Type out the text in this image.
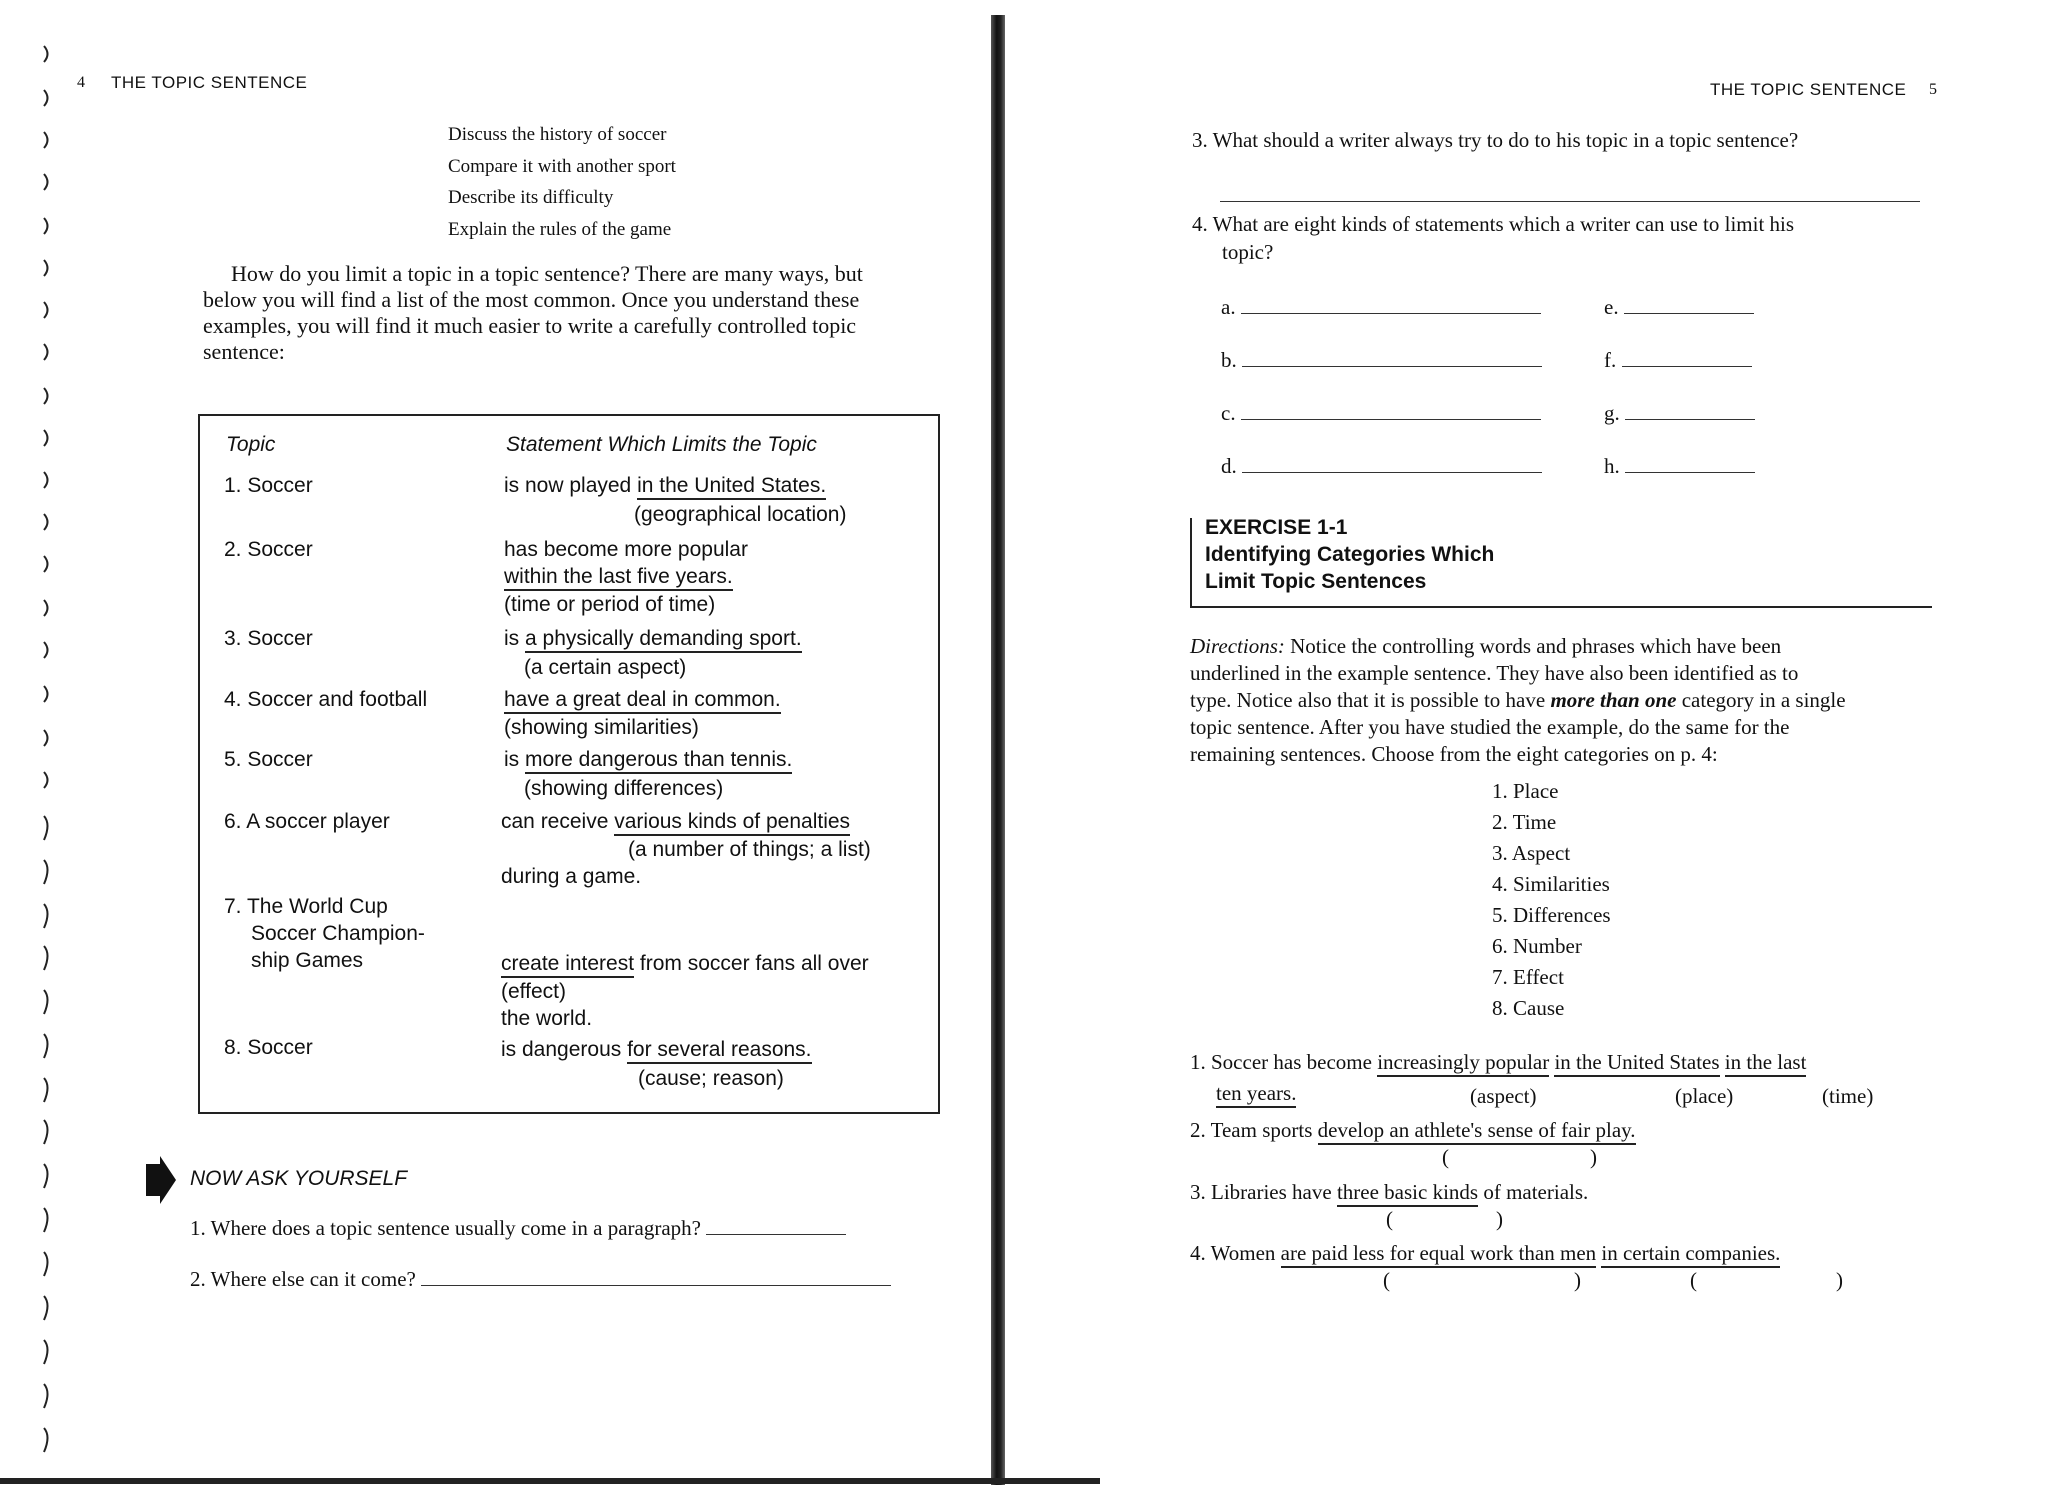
4 THE TOPIC SENTENCE
Discuss the history of soccer
Compare it with another sport
Describe its difficulty
Explain the rules of the game
How do you limit a topic in a topic sentence? There are many ways, but
below you will find a list of the most common. Once you understand these
examples, you will find it much easier to write a carefully controlled topic
sentence:
Topic	Statement Which Limits the Topic
1. Soccer	is now played in the United States.
(geographical location)
2. Soccer	has become more popular
within the last five years.
(time or period of time)
3. Soccer	is a physically demanding sport.
(a certain aspect)
4. Soccer and football	have a great deal in common.
(showing similarities)
5. Soccer	is more dangerous than tennis.
(showing differences)
6. A soccer player	can receive various kinds of penalties
(a number of things; a list)
during a game.
7. The World Cup
Soccer Champion-
ship Games	create interest from soccer fans all over
(effect)
the world.
8. Soccer	is dangerous for several reasons.
(cause; reason)
NOW ASK YOURSELF
1. Where does a topic sentence usually come in a paragraph?
2. Where else can it come?
THE TOPIC SENTENCE 5
3. What should a writer always try to do to his topic in a topic sentence?
4. What are eight kinds of statements which a writer can use to limit his
topic?
a.
b.
c.
d.
e.
f.
g.
h.
EXERCISE 1-1
Identifying Categories Which
Limit Topic Sentences
Directions: Notice the controlling words and phrases which have been
underlined in the example sentence. They have also been identified as to
type. Notice also that it is possible to have more than one category in a single
topic sentence. After you have studied the example, do the same for the
remaining sentences. Choose from the eight categories on p. 4:
1. Place
2. Time
3. Aspect
4. Similarities
5. Differences
6. Number
7. Effect
8. Cause
1. Soccer has become increasingly popular in the United States in the last
ten years.	(aspect)	(place)	(time)
2. Team sports develop an athlete's sense of fair play.
(	)
3. Libraries have three basic kinds of materials.
(	)
4. Women are paid less for equal work than men in certain companies.
(	)	(	)
